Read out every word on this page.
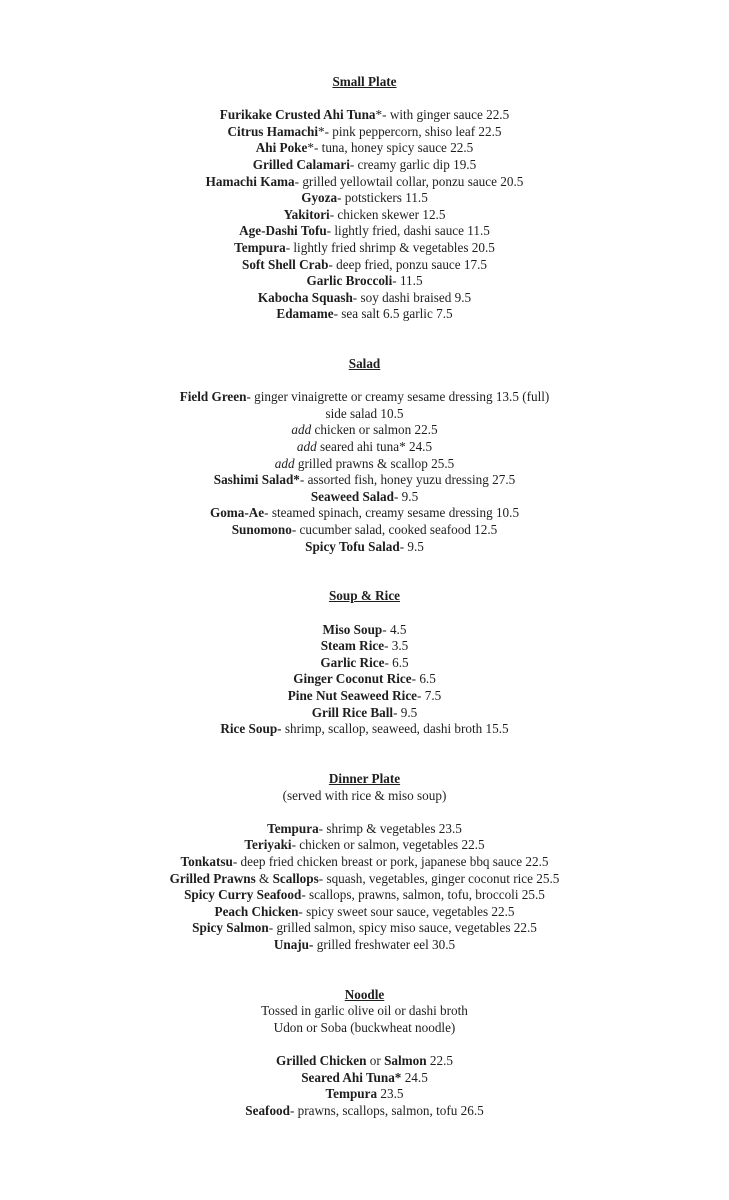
Small Plate
Furikake Crusted Ahi Tuna*- with ginger sauce 22.5
Citrus Hamachi*- pink peppercorn, shiso leaf 22.5
Ahi Poke*- tuna, honey spicy sauce 22.5
Grilled Calamari- creamy garlic dip 19.5
Hamachi Kama- grilled yellowtail collar, ponzu sauce 20.5
Gyoza- potstickers 11.5
Yakitori- chicken skewer 12.5
Age-Dashi Tofu- lightly fried, dashi sauce 11.5
Tempura- lightly fried shrimp & vegetables 20.5
Soft Shell Crab- deep fried, ponzu sauce 17.5
Garlic Broccoli- 11.5
Kabocha Squash- soy dashi braised 9.5
Edamame- sea salt 6.5 garlic 7.5
Salad
Field Green- ginger vinaigrette or creamy sesame dressing 13.5 (full)
side salad 10.5
add chicken or salmon 22.5
add seared ahi tuna* 24.5
add grilled prawns & scallop 25.5
Sashimi Salad*- assorted fish, honey yuzu dressing 27.5
Seaweed Salad- 9.5
Goma-Ae- steamed spinach, creamy sesame dressing 10.5
Sunomono- cucumber salad, cooked seafood 12.5
Spicy Tofu Salad- 9.5
Soup & Rice
Miso Soup- 4.5
Steam Rice- 3.5
Garlic Rice- 6.5
Ginger Coconut Rice- 6.5
Pine Nut Seaweed Rice- 7.5
Grill Rice Ball- 9.5
Rice Soup- shrimp, scallop, seaweed, dashi broth 15.5
Dinner Plate
(served with rice & miso soup)
Tempura- shrimp & vegetables 23.5
Teriyaki- chicken or salmon, vegetables 22.5
Tonkatsu- deep fried chicken breast or pork, japanese bbq sauce 22.5
Grilled Prawns & Scallops- squash, vegetables, ginger coconut rice 25.5
Spicy Curry Seafood- scallops, prawns, salmon, tofu, broccoli 25.5
Peach Chicken- spicy sweet sour sauce, vegetables 22.5
Spicy Salmon- grilled salmon, spicy miso sauce, vegetables 22.5
Unaju- grilled freshwater eel 30.5
Noodle
Tossed in garlic olive oil or dashi broth
Udon or Soba (buckwheat noodle)
Grilled Chicken or Salmon 22.5
Seared Ahi Tuna* 24.5
Tempura 23.5
Seafood- prawns, scallops, salmon, tofu 26.5
